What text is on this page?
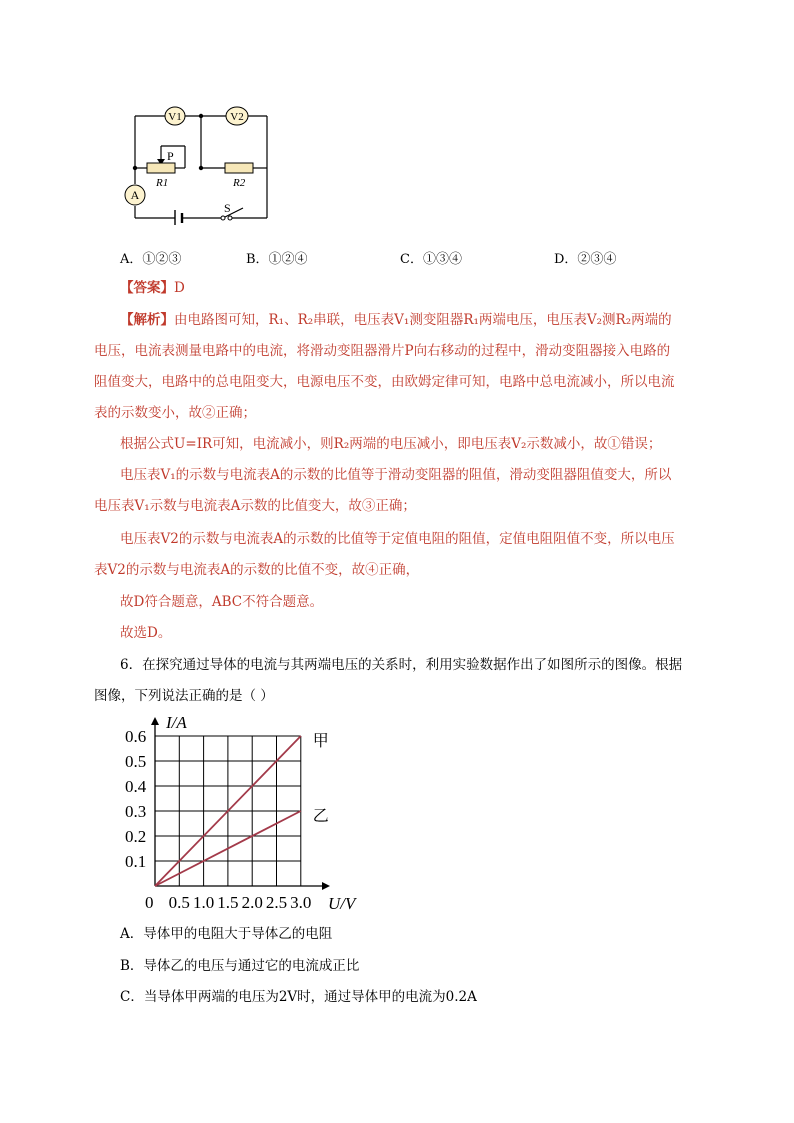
V1	V2
A
P
R1	R2
S
A．①②③	B．①②④	C．①③④	D．②③④
【答案】D
【解析】由电路图可知，R₁、R₂串联，电压表V₁测变阻器R₁两端电压，电压表V₂测R₂两端的
电压，电流表测量电路中的电流，将滑动变阻器滑片P向右移动的过程中，滑动变阻器接入电路的
阻值变大，电路中的总电阻变大，电源电压不变，由欧姆定律可知，电路中总电流减小，所以电流
表的示数变小，故②正确；
根据公式U=IR可知，电流减小，则R₂两端的电压减小，即电压表V₂示数减小，故①错误；
电压表V₁的示数与电流表A的示数的比值等于滑动变阻器的阻值，滑动变阻器阻值变大，所以
电压表V₁示数与电流表A示数的比值变大，故③正确；
电压表V2的示数与电流表A的示数的比值等于定值电阻的阻值，定值电阻阻值不变，所以电压
表V2的示数与电流表A的示数的比值不变，故④正确，
故D符合题意，ABC不符合题意。
故选D。
6．在探究通过导体的电流与其两端电压的关系时，利用实验数据作出了如图所示的图像。根据
图像，下列说法正确的是（ ）
甲
乙
0.1
0.2
0.3
0.4
0.5
0.6
0.5 1.0 1.5 2.0 2.5 3.0
I/A
U/V
0
A．导体甲的电阻大于导体乙的电阻
B．导体乙的电压与通过它的电流成正比
C．当导体甲两端的电压为2V时，通过导体甲的电流为0.2A
